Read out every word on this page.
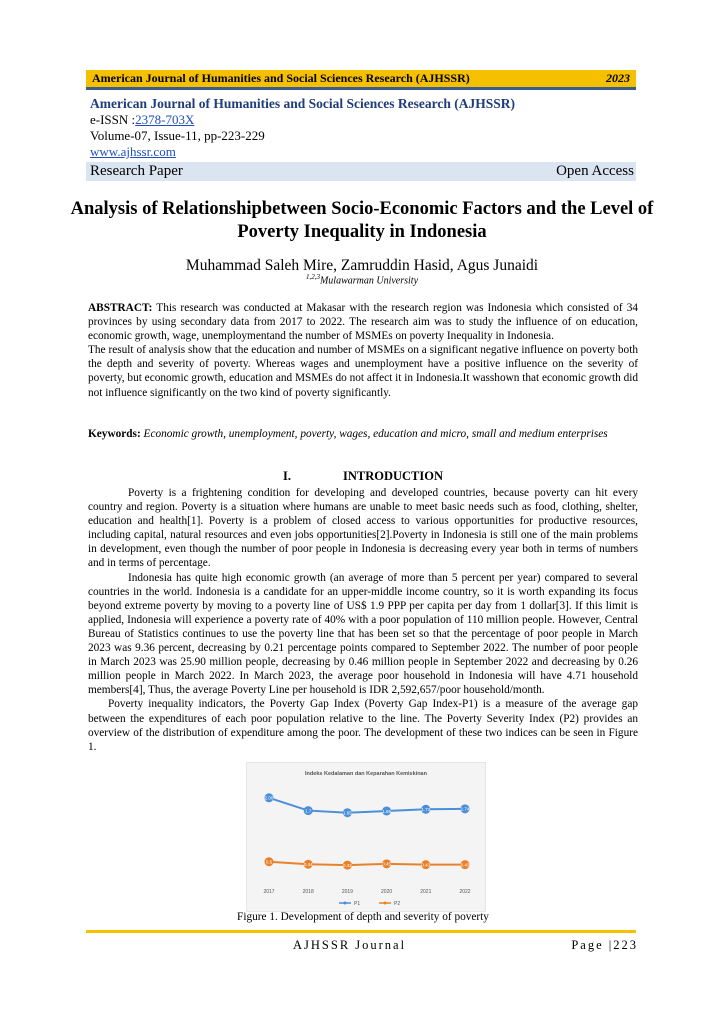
American Journal of Humanities and Social Sciences Research (AJHSSR)	2023
American Journal of Humanities and Social Sciences Research (AJHSSR)
e-ISSN :2378-703X
Volume-07, Issue-11, pp-223-229
www.ajhssr.com
Research Paper	Open Access
Analysis of Relationshipbetween Socio-Economic Factors and the Level of Poverty Inequality in Indonesia
Muhammad Saleh Mire, Zamruddin Hasid, Agus Junaidi
$^{1,2,3}$Mulawarman University
ABSTRACT: This research was conducted at Makasar with the research region was Indonesia which consisted of 34 provinces by using secondary data from 2017 to 2022. The research aim was to study the influence of on education, economic growth, wage, unemploymentand the number of MSMEs on poverty Inequality in Indonesia.
The result of analysis show that the education and number of MSMEs on a significant negative influence on poverty both the depth and severity of poverty. Whereas wages and unemployment have a positive influence on the severity of poverty, but economic growth, education and MSMEs do not affect it in Indonesia.It wasshown that economic growth did not influence significantly on the two kind of poverty significantly.
Keywords: Economic growth, unemployment, poverty, wages, education and micro, small and medium enterprises
I.	INTRODUCTION

Poverty is a frightening condition for developing and developed countries, because poverty can hit every country and region. Poverty is a situation where humans are unable to meet basic needs such as food, clothing, shelter, education and health[1]. Poverty is a problem of closed access to various opportunities for productive resources, including capital, natural resources and even jobs opportunities[2].Poverty in Indonesia is still one of the main problems in development, even though the number of poor people in Indonesia is decreasing every year both in terms of numbers and in terms of percentage.

Indonesia has quite high economic growth (an average of more than 5 percent per year) compared to several countries in the world. Indonesia is a candidate for an upper-middle income country, so it is worth expanding its focus beyond extreme poverty by moving to a poverty line of US$ 1.9 PPP per capita per day from 1 dollar[3]. If this limit is applied, Indonesia will experience a poverty rate of 40% with a poor population of 110 million people. However, Central Bureau of Statistics continues to use the poverty line that has been set so that the percentage of poor people in March 2023 was 9.36 percent, decreasing by 0.21 percentage points compared to September 2022. The number of poor people in March 2023 was 25.90 million people, decreasing by 0.46 million people in September 2022 and decreasing by 0.26 million people in March 2022. In March 2023, the average poor household in Indonesia will have 4.71 household members[4], Thus, the average Poverty Line per household is IDR 2,592,657/poor household/month.

Poverty inequality indicators, the Poverty Gap Index (Poverty Gap Index-P1) is a measure of the average gap between the expenditures of each poor population relative to the line. The Poverty Severity Index (P2) provides an overview of the distribution of expenditure among the poor. The development of these two indices can be seen in Figure 1.

Indeks Kedalaman dan Keparahan Kemiskinan
2017	2018	2019	2020	2021	2022
2.00
1.7	1.65	1.69	1.73	1.74
P1
0.5
0.44	0.42	0.45	0.43	0.43
P2
Figure 1. Development of depth and severity of poverty
AJHSSR Journal	Page |223
